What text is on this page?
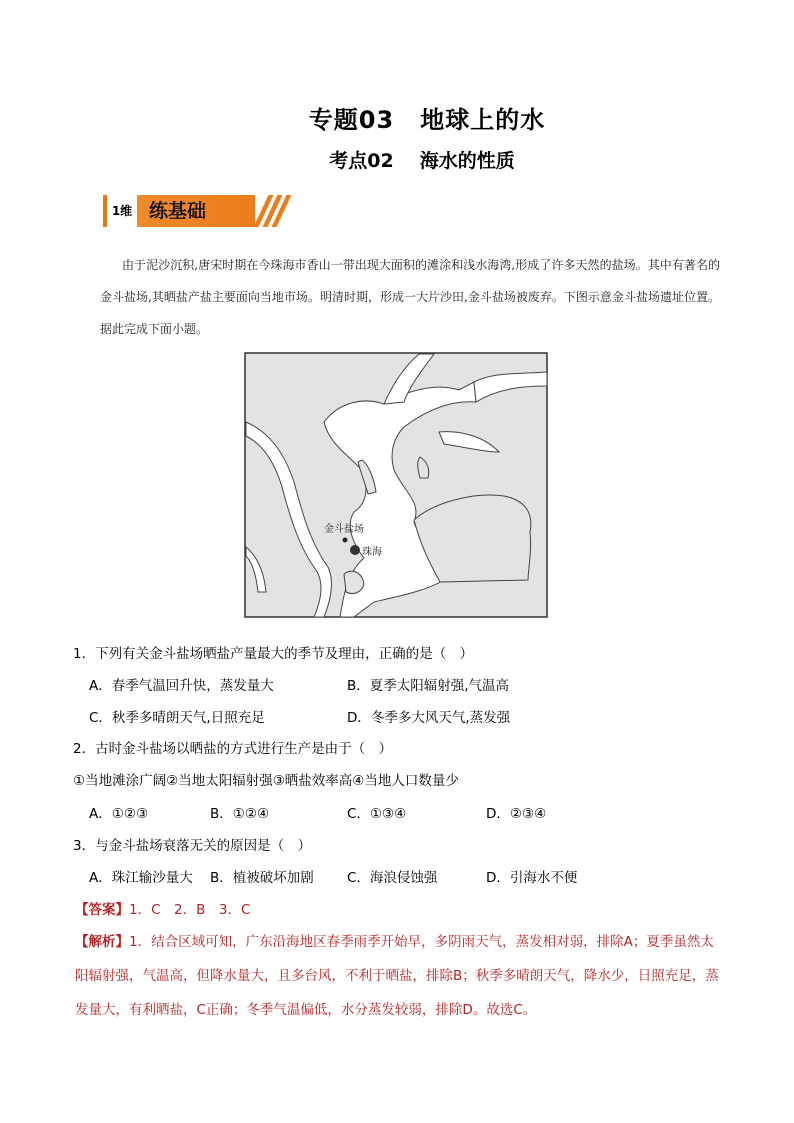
专题03 地球上的水
考点02 海水的性质
1维 练基础
由于泥沙沉积,唐宋时期在今珠海市香山一带出现大面积的滩涂和浅水海湾,形成了许多天然的盐场。其中有著名的金斗盐场,其晒盐产盐主要面向当地市场。明清时期，形成一大片沙田,金斗盐场被废弃。下图示意金斗盐场遗址位置。据此完成下面小题。
金斗盐场
珠海
1．下列有关金斗盐场晒盐产量最大的季节及理由，正确的是（　）
A．春季气温回升快，蒸发量大	B．夏季太阳辐射强,气温高
C．秋季多晴朗天气,日照充足	D．冬季多大风天气,蒸发强
2．古时金斗盐场以晒盐的方式进行生产是由于（　）
①当地滩涂广阔②当地太阳辐射强③晒盐效率高④当地人口数量少
A．①②③	B．①②④	C．①③④	D．②③④
3．与金斗盐场衰落无关的原因是（　）
A．珠江输沙量大 B．植被破坏加剧 C．海浪侵蚀强	D．引海水不便
【答案】1．C　2．B　3．C
【解析】1．结合区域可知，广东沿海地区春季雨季开始早，多阴雨天气，蒸发相对弱，排除A；夏季虽然太阳辐射强，气温高，但降水量大，且多台风，不利于晒盐，排除B；秋季多晴朗天气，降水少，日照充足，蒸发量大，有利晒盐，C正确；冬季气温偏低，水分蒸发较弱，排除D。故选C。
